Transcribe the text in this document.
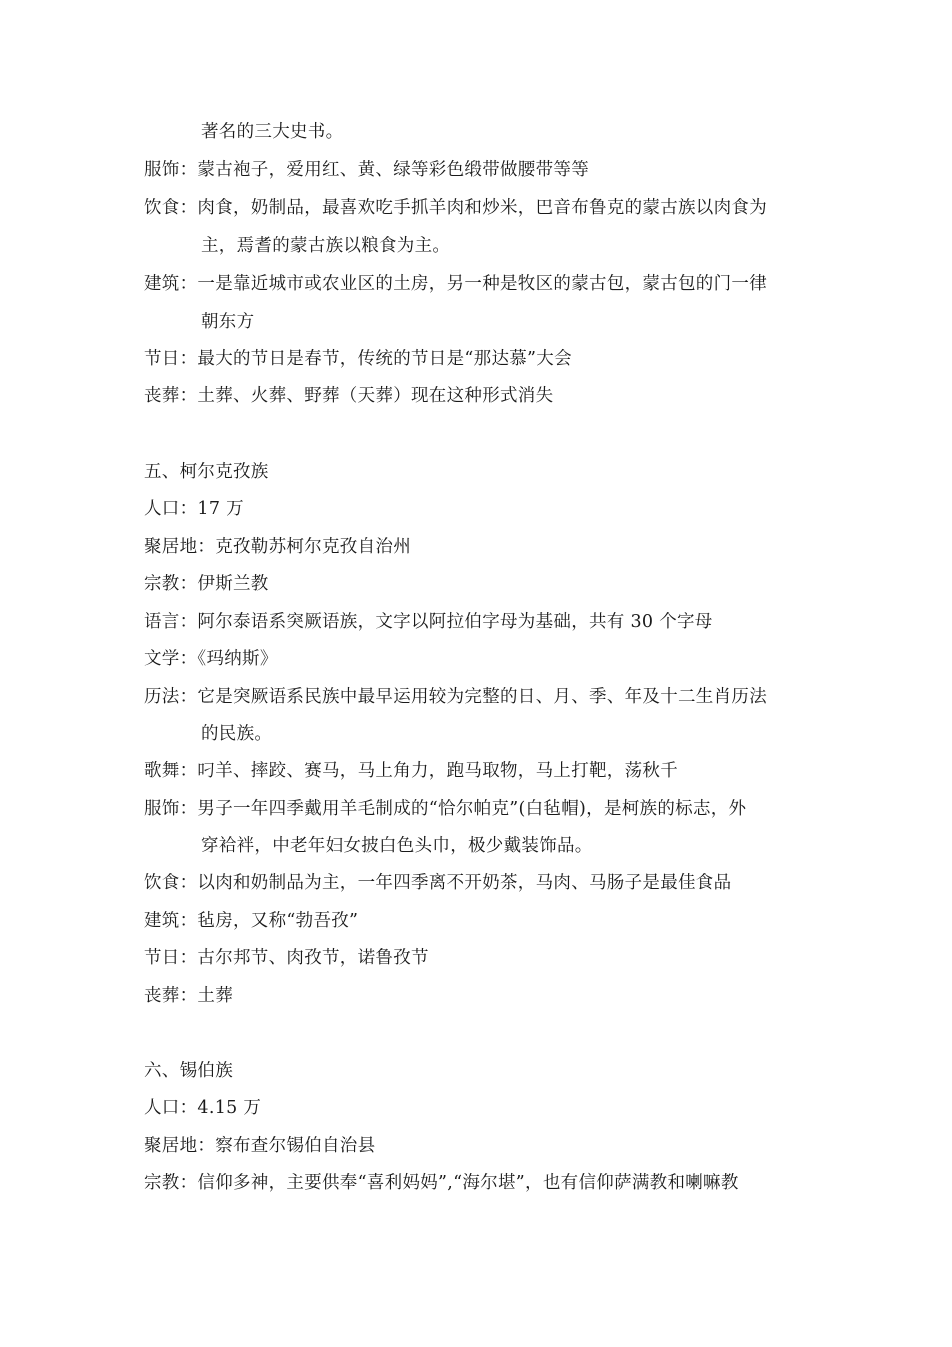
著名的三大史书。
服饰：蒙古袍子，爱用红、黄、绿等彩色缎带做腰带等等
饮食：肉食，奶制品，最喜欢吃手抓羊肉和炒米，巴音布鲁克的蒙古族以肉食为
主，焉耆的蒙古族以粮食为主。
建筑：一是靠近城市或农业区的土房，另一种是牧区的蒙古包，蒙古包的门一律
朝东方
节日：最大的节日是春节，传统的节日是“那达慕”大会
丧葬：土葬、火葬、野葬（天葬）现在这种形式消失
五、柯尔克孜族
人口：17 万
聚居地：克孜勒苏柯尔克孜自治州
宗教：伊斯兰教
语言：阿尔泰语系突厥语族，文字以阿拉伯字母为基础，共有 30 个字母
文学：《玛纳斯》
历法：它是突厥语系民族中最早运用较为完整的日、月、季、年及十二生肖历法
的民族。
歌舞：叼羊、摔跤、赛马，马上角力，跑马取物，马上打靶，荡秋千
服饰：男子一年四季戴用羊毛制成的“恰尔帕克”(白毡帽)，是柯族的标志，外
穿袷袢，中老年妇女披白色头巾，极少戴装饰品。
饮食：以肉和奶制品为主，一年四季离不开奶茶，马肉、马肠子是最佳食品
建筑：毡房，又称“勃吾孜”
节日：古尔邦节、肉孜节，诺鲁孜节
丧葬：土葬
六、锡伯族
人口：4.15 万
聚居地：察布查尔锡伯自治县
宗教：信仰多神，主要供奉“喜利妈妈”,“海尔堪”，也有信仰萨满教和喇嘛教
